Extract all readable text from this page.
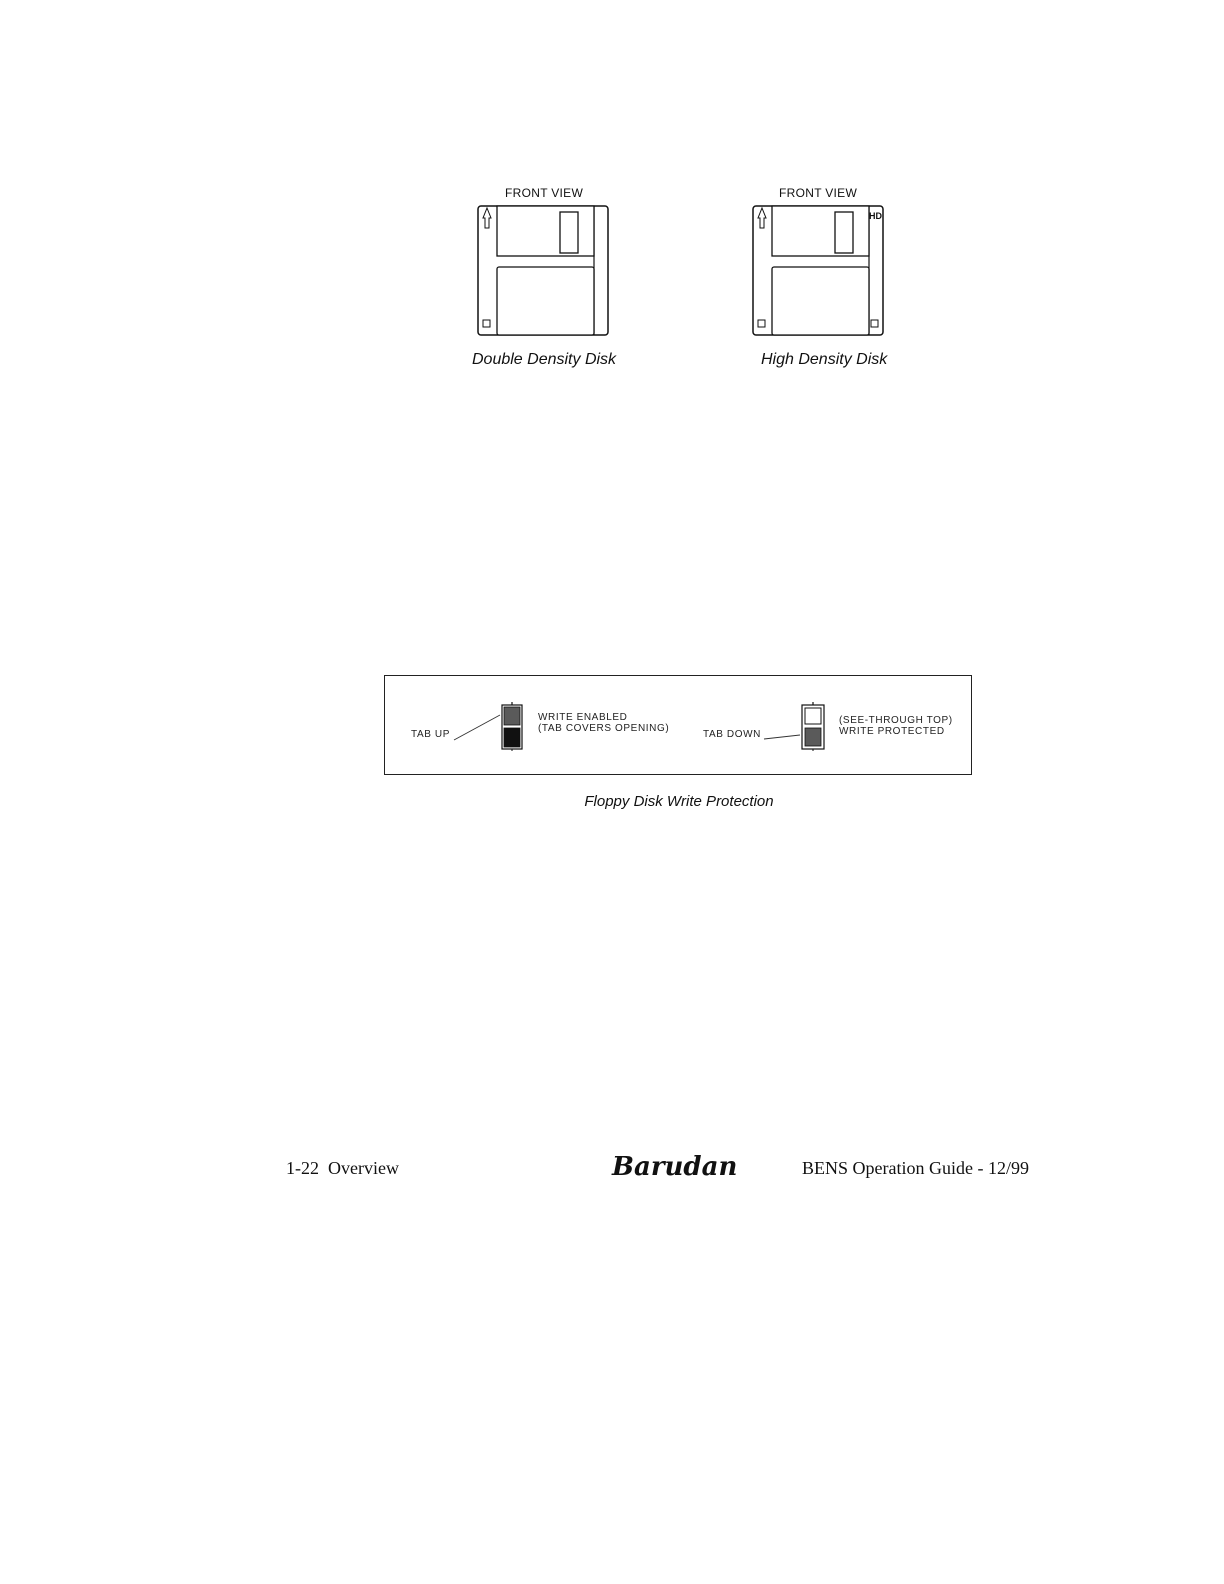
FRONT VIEW
Double Density Disk
FRONT VIEW
HD
High Density Disk
TAB UP
WRITE ENABLED
(TAB COVERS OPENING)
TAB DOWN
(SEE-THROUGH TOP)
WRITE PROTECTED
Floppy Disk Write Protection
1-22  Overview	Barudan	BENS Operation Guide - 12/99
